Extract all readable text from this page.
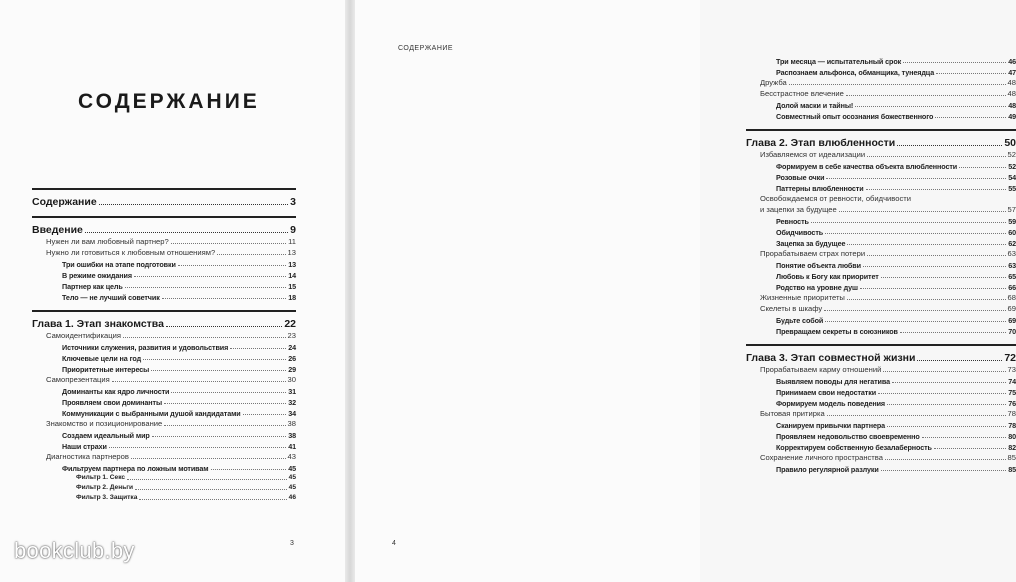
СОДЕРЖАНИЕ
Содержание	3
Введение	9
Нужен ли вам любовный партнер?	11
Нужно ли готовиться к любовным отношениям?	13
Три ошибки на этапе подготовки	13
В режиме ожидания	14
Партнер как цель	15
Тело — не лучший советчик	18
Глава 1. Этап знакомства	22
Самоидентификация	23
Источники служения, развития и удовольствия	24
Ключевые цели на год	26
Приоритетные интересы	29
Самопрезентация	30
Доминанты как ядро личности	31
Проявляем свои доминанты	32
Коммуникации с выбранными душой кандидатами	34
Знакомство и позиционирование	38
Создаем идеальный мир	38
Наши страхи	41
Диагностика партнеров	43
Фильтруем партнера по ложным мотивам	45
Фильтр 1. Секс	45
Фильтр 2. Деньги	45
Фильтр 3. Защитка	46
3
Три месяца — испытательный срок	46
Распознаем альфонса, обманщика, тунеядца	47
Дружба	48
Бесстрастное влечение	48
Долой маски и тайны!	48
Совместный опыт осознания божественного	49
Глава 2. Этап влюбленности	50
Избавляемся от идеализации	52
Формируем в себе качества объекта влюбленности	52
Розовые очки	54
Паттерны влюбленности	55
Освобождаемся от ревности, обидчивости
и зацепки за будущее	57
Ревность	59
Обидчивость	60
Зацепка за будущее	62
Прорабатываем страх потери	63
Понятие объекта любви	63
Любовь к Богу как приоритет	65
Родство на уровне душ	66
Жизненные приоритеты	68
Скелеты в шкафу	69
Будьте собой	69
Превращаем секреты в союзников	70
Глава 3. Этап совместной жизни	72
Прорабатываем карму отношений	73
Выявляем поводы для негатива	74
Принимаем свои недостатки	75
Формируем модель поведения	76
Бытовая притирка	78
Сканируем привычки партнера	78
Проявляем недовольство своевременно	80
Корректируем собственную безалаберность	82
Сохранение личного пространства	85
Правило регулярной разлуки	85
4
СОДЕРЖАНИЕ
bookclub.by
